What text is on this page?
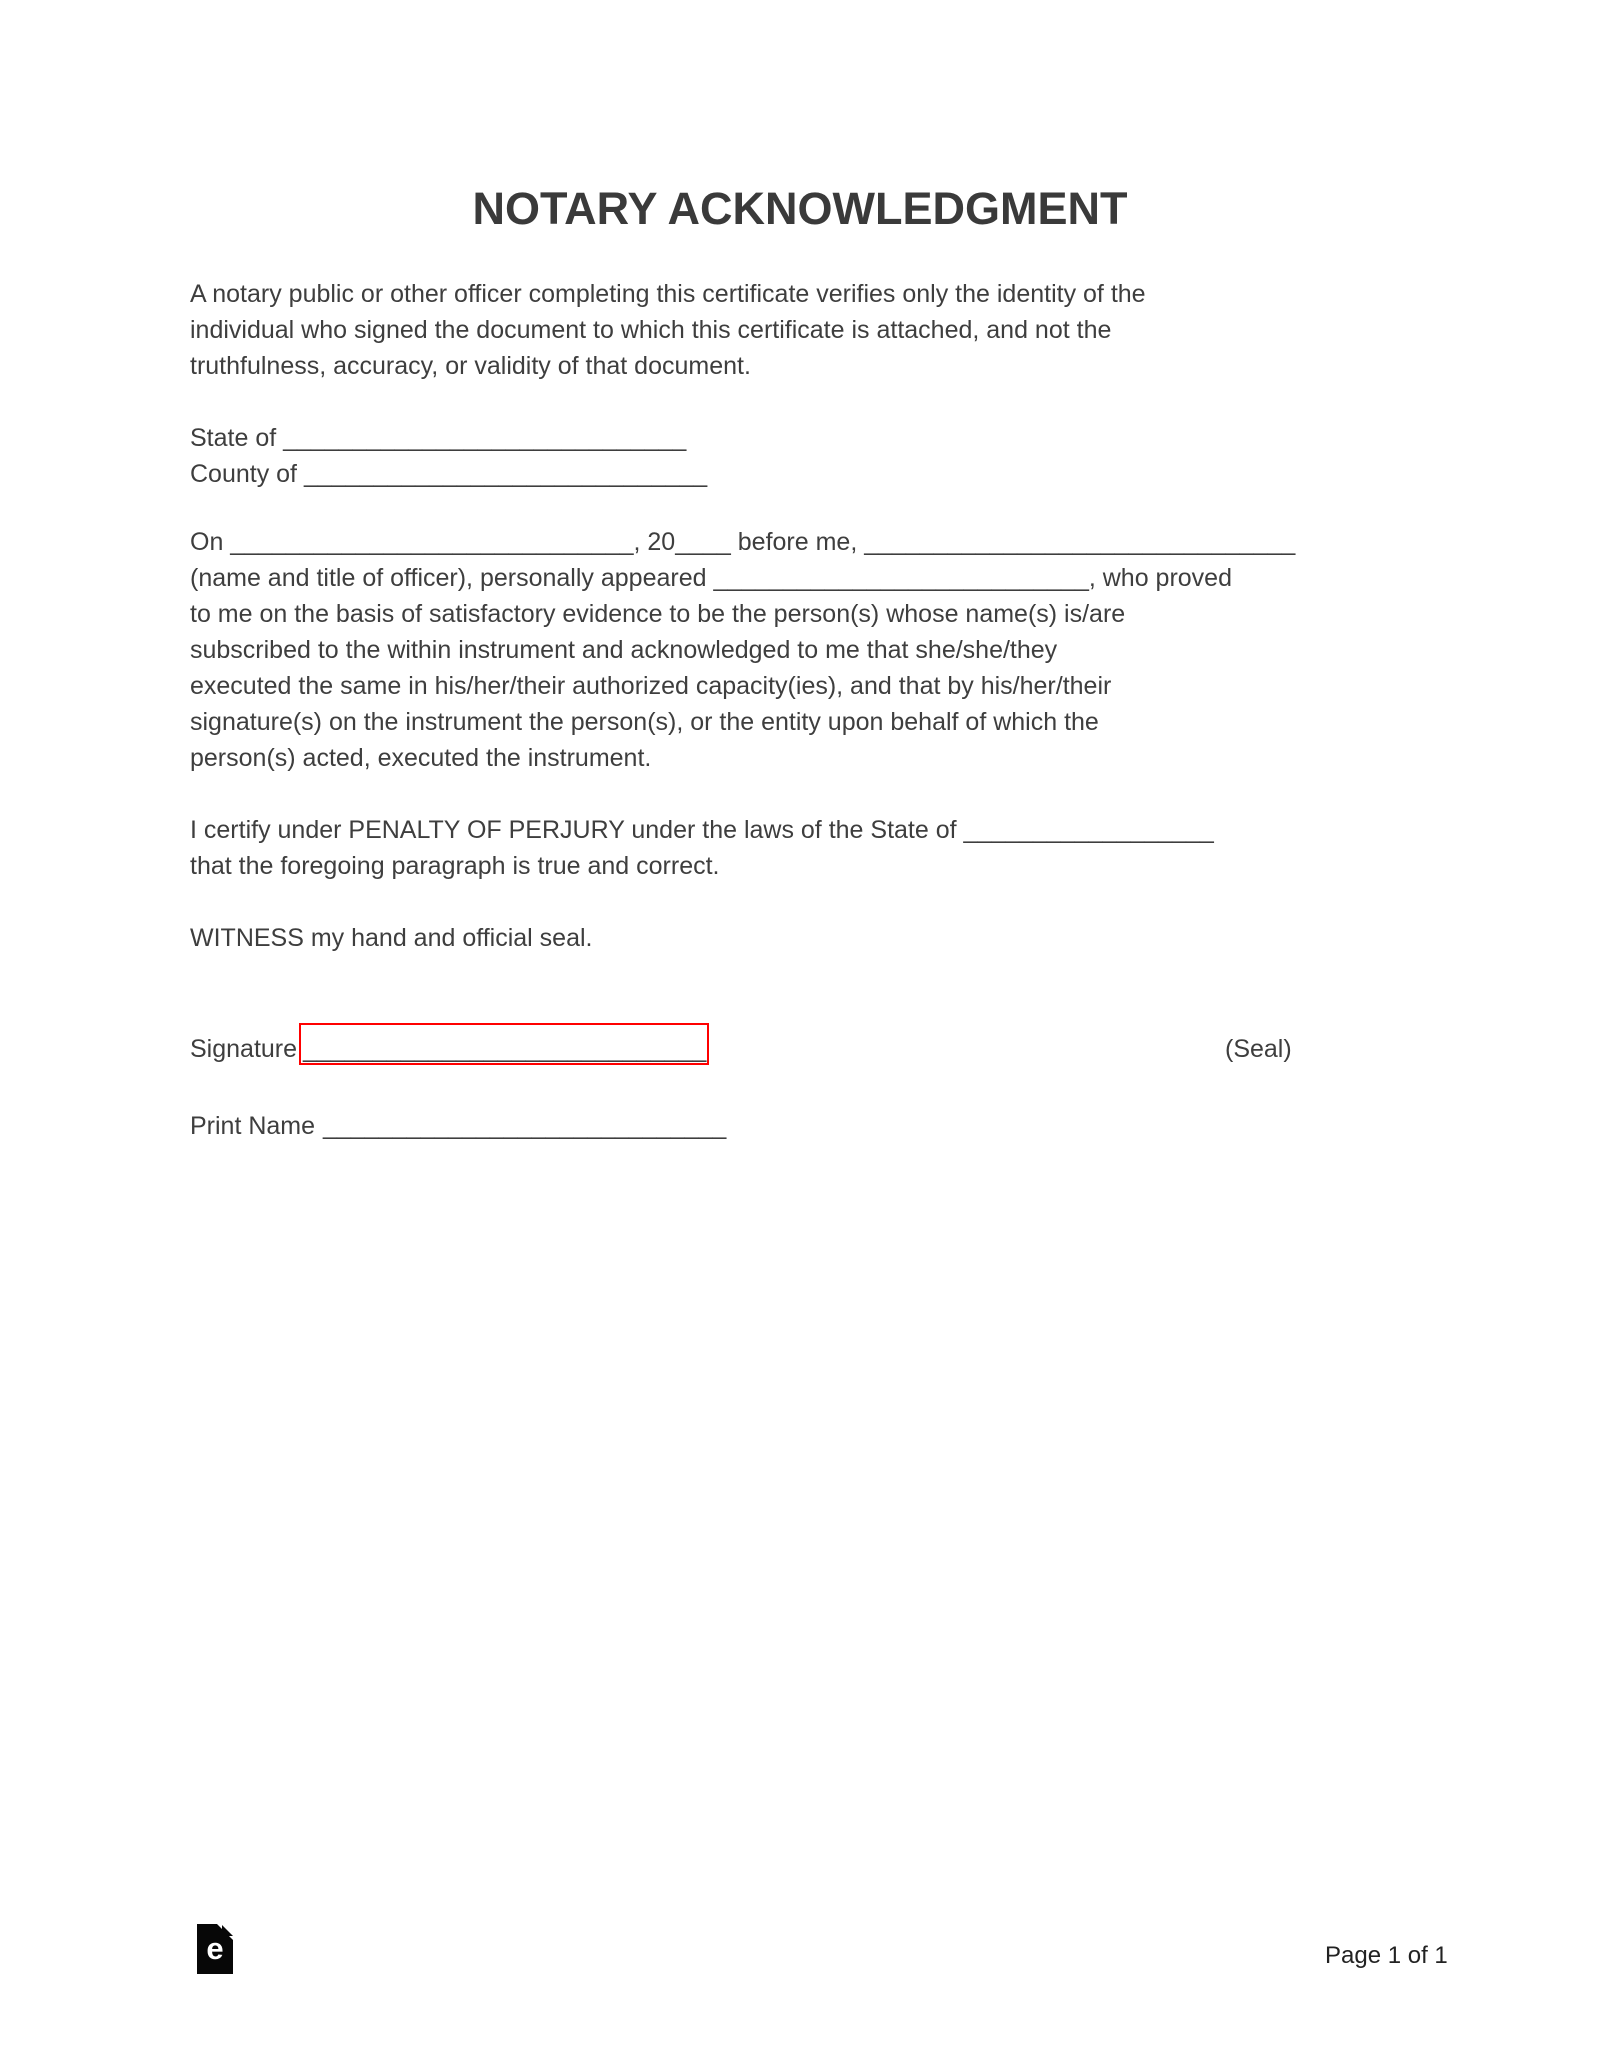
NOTARY ACKNOWLEDGMENT
A notary public or other officer completing this certificate verifies only the identity of the
individual who signed the document to which this certificate is attached, and not the
truthfulness, accuracy, or validity of that document.
State of _____________________________
County of _____________________________
On _____________________________, 20____ before me, _______________________________
(name and title of officer), personally appeared ___________________________, who proved
to me on the basis of satisfactory evidence to be the person(s) whose name(s) is/are
subscribed to the within instrument and acknowledged to me that she/she/they
executed the same in his/her/their authorized capacity(ies), and that by his/her/their
signature(s) on the instrument the person(s), or the entity upon behalf of which the
person(s) acted, executed the instrument.
I certify under PENALTY OF PERJURY under the laws of the State of __________________
that the foregoing paragraph is true and correct.
WITNESS my hand and official seal.
Signature _____________________________	(Seal)
Print Name _____________________________
e	Page 1 of 1
